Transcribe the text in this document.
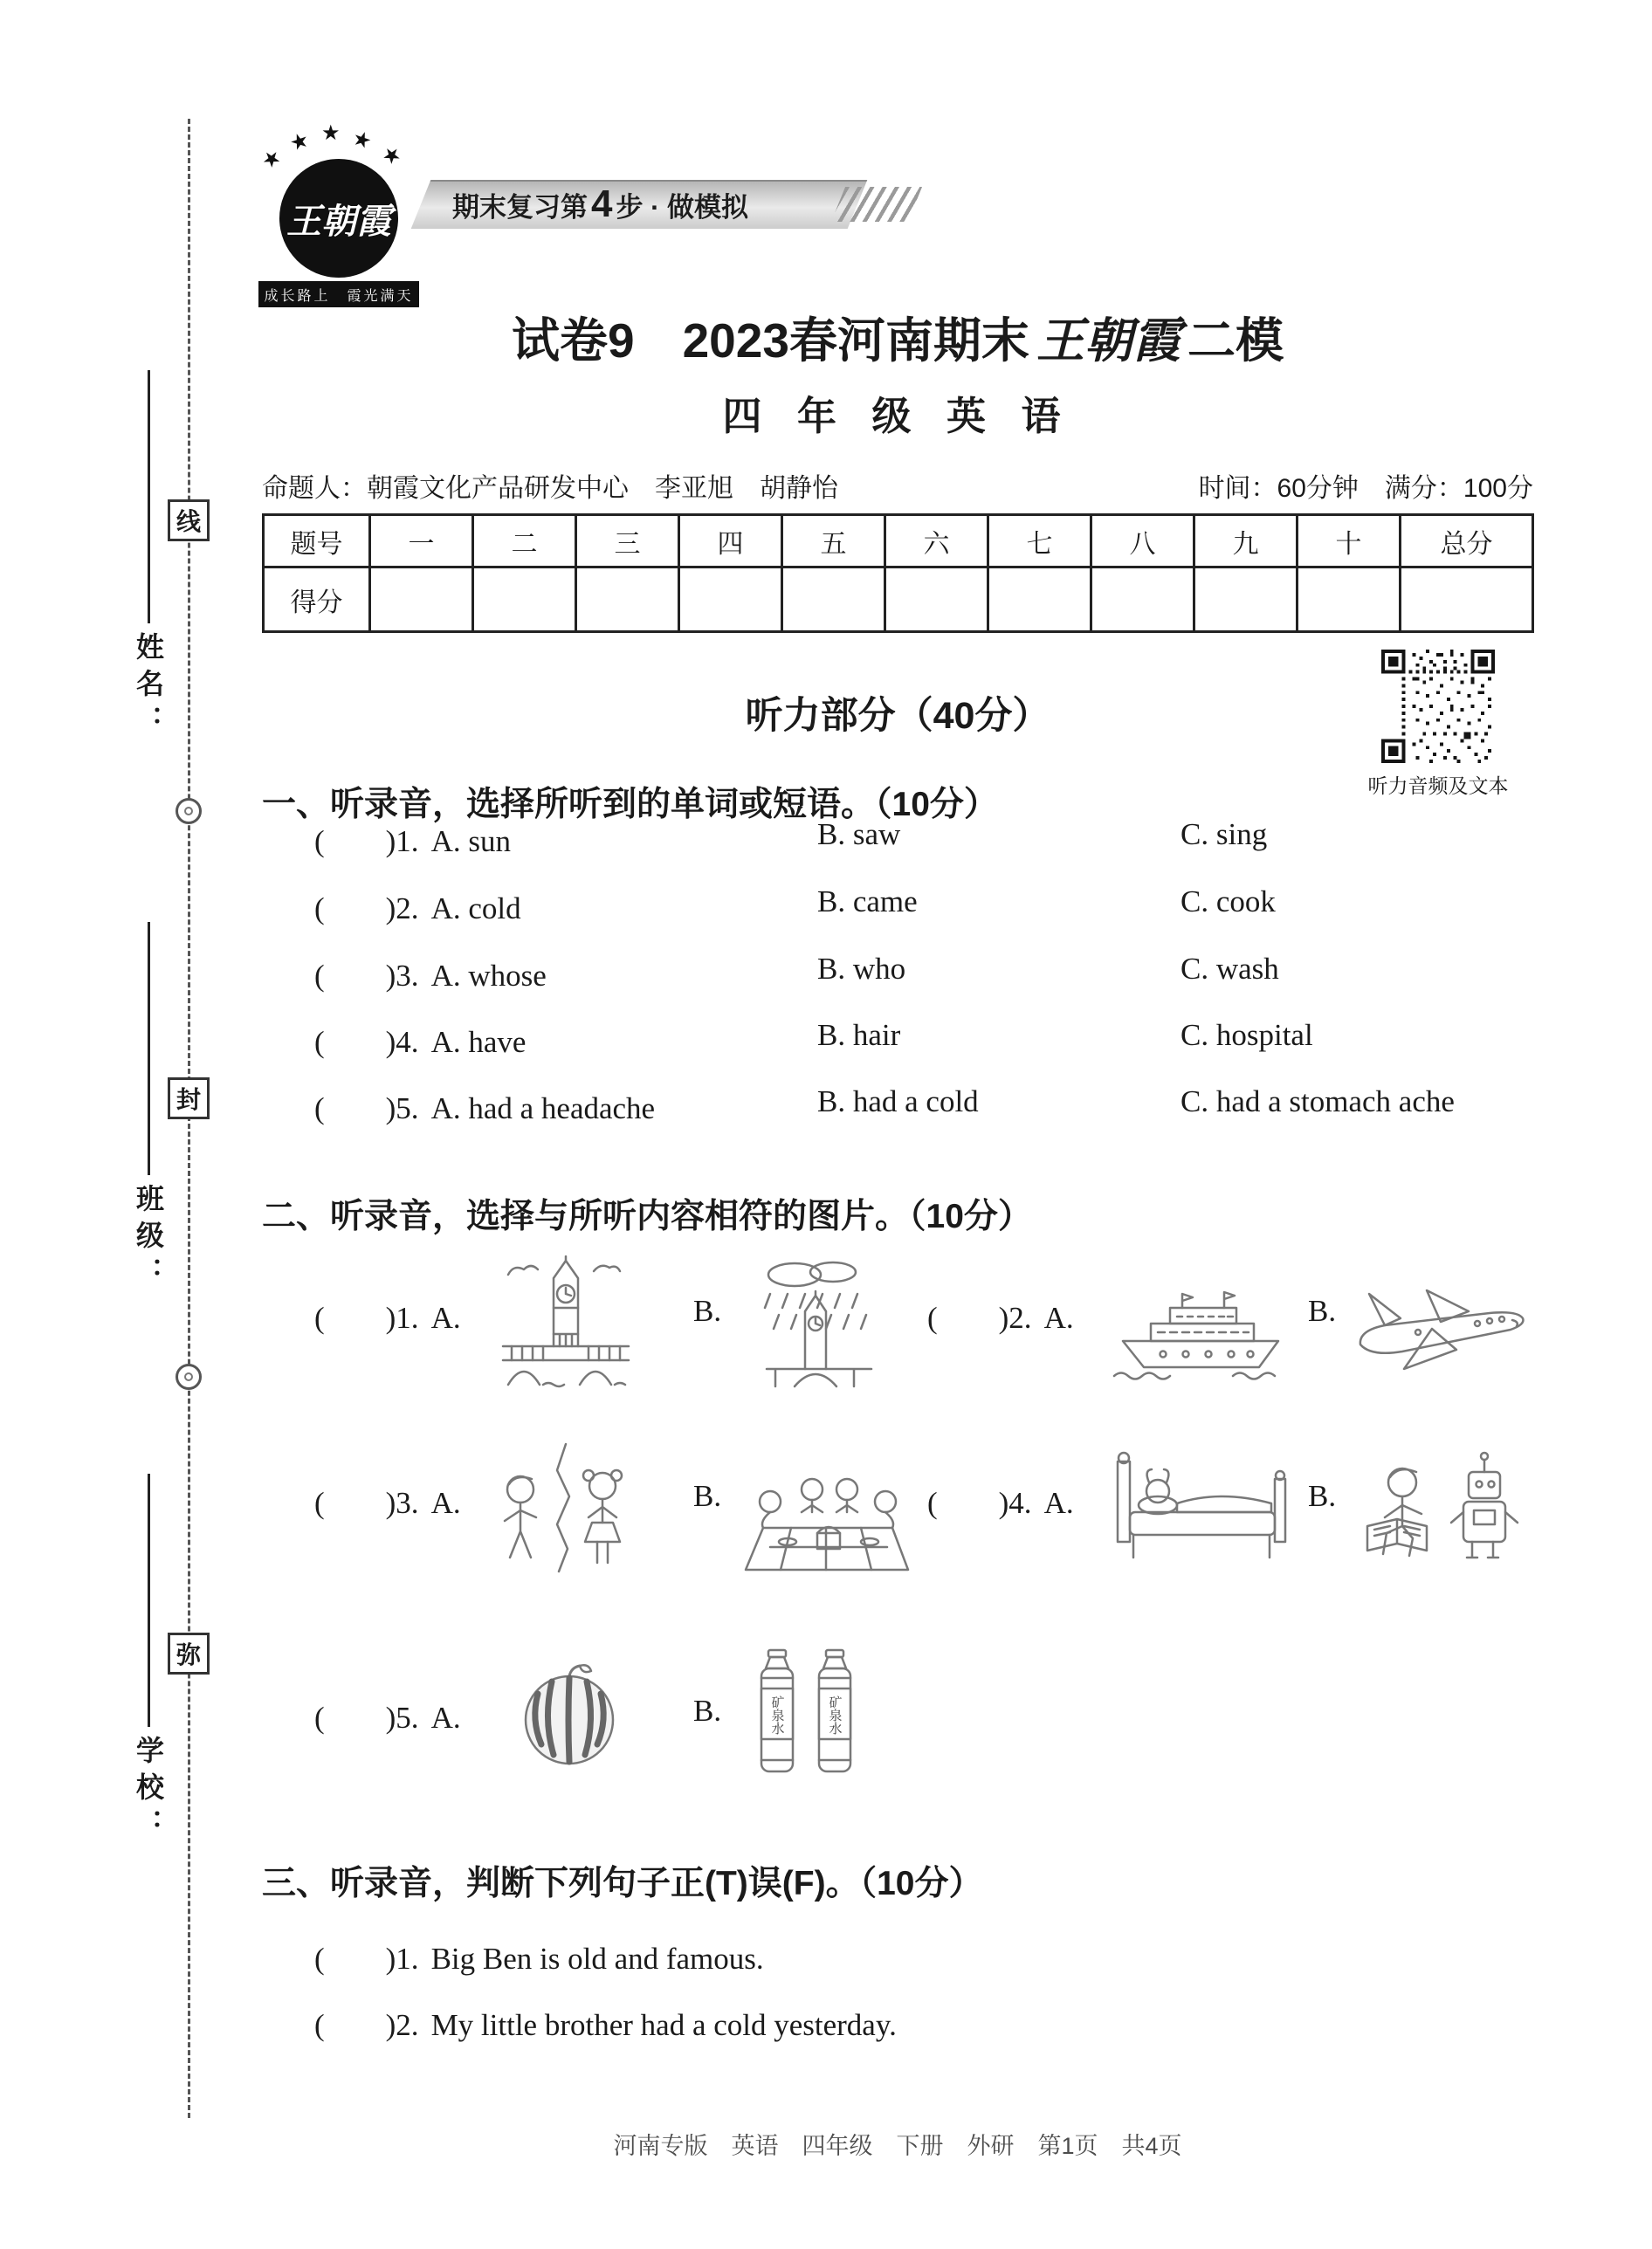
姓名：
班级：
学校：
线
封
弥
★
★ ★ ★
★
王朝霞
成长路上　霞光满天
期末复习第 4 步 · 做模拟
试卷9　2023春河南期末 王朝霞 二模
四 年 级 英 语
命题人：朝霞文化产品研发中心　李亚旭　胡静怡	时间：60分钟　满分：100分
题号	一	二	三	四	五	六	七	八	九	十	总分
得分											
听力部分（40分）
听力音频及文本
一、听录音，选择所听到的单词或短语。（10分）
(　　)1. A. sun	B. saw	C. sing
(　　)2. A. cold	B. came	C. cook
(　　)3. A. whose	B. who	C. wash
(　　)4. A. have	B. hair	C. hospital
(　　)5. A. had a headache	B. had a cold	C. had a stomach ache
二、听录音，选择与所听内容相符的图片。（10分）
(　　)1. A.	B.	(　　)2. A.	B.
(　　)3. A.	B.	(　　)4. A.	B.
(　　)5. A.	B.	矿泉水	矿泉水
三、听录音，判断下列句子正(T)误(F)。（10分）
(　　)1. Big Ben is old and famous.
(　　)2. My little brother had a cold yesterday.
河南专版　英语　四年级　下册　外研　第1页　共4页
